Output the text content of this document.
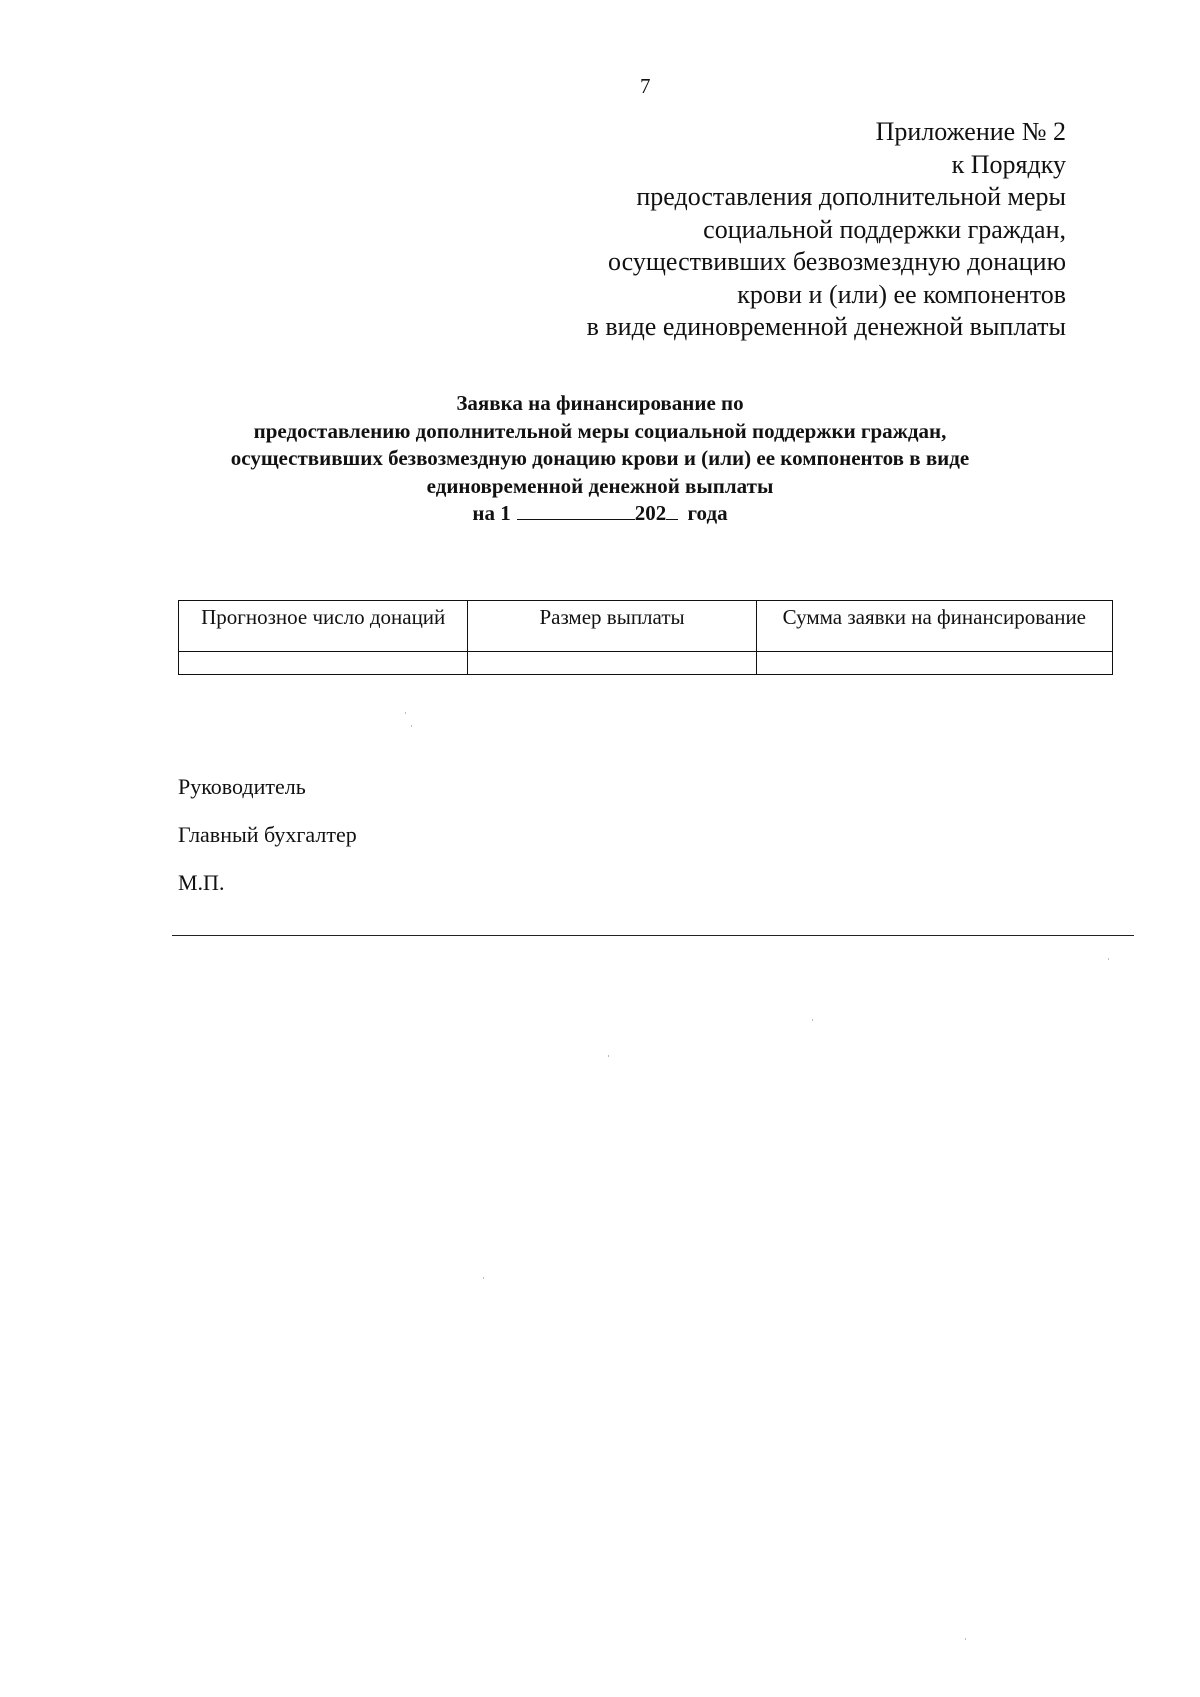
7
Приложение № 2
к Порядку
предоставления дополнительной меры
социальной поддержки граждан,
осуществивших безвозмездную донацию
крови и (или) ее компонентов
в виде единовременной денежной выплаты
Заявка на финансирование по
предоставлению дополнительной меры социальной поддержки граждан,
осуществивших безвозмездную донацию крови и (или) ее компонентов в виде
единовременной денежной выплаты
на 1	202 года
Прогнозное число донаций	Размер выплаты	Сумма заявки на финансирование

Руководитель
Главный бухгалтер
М.П.
